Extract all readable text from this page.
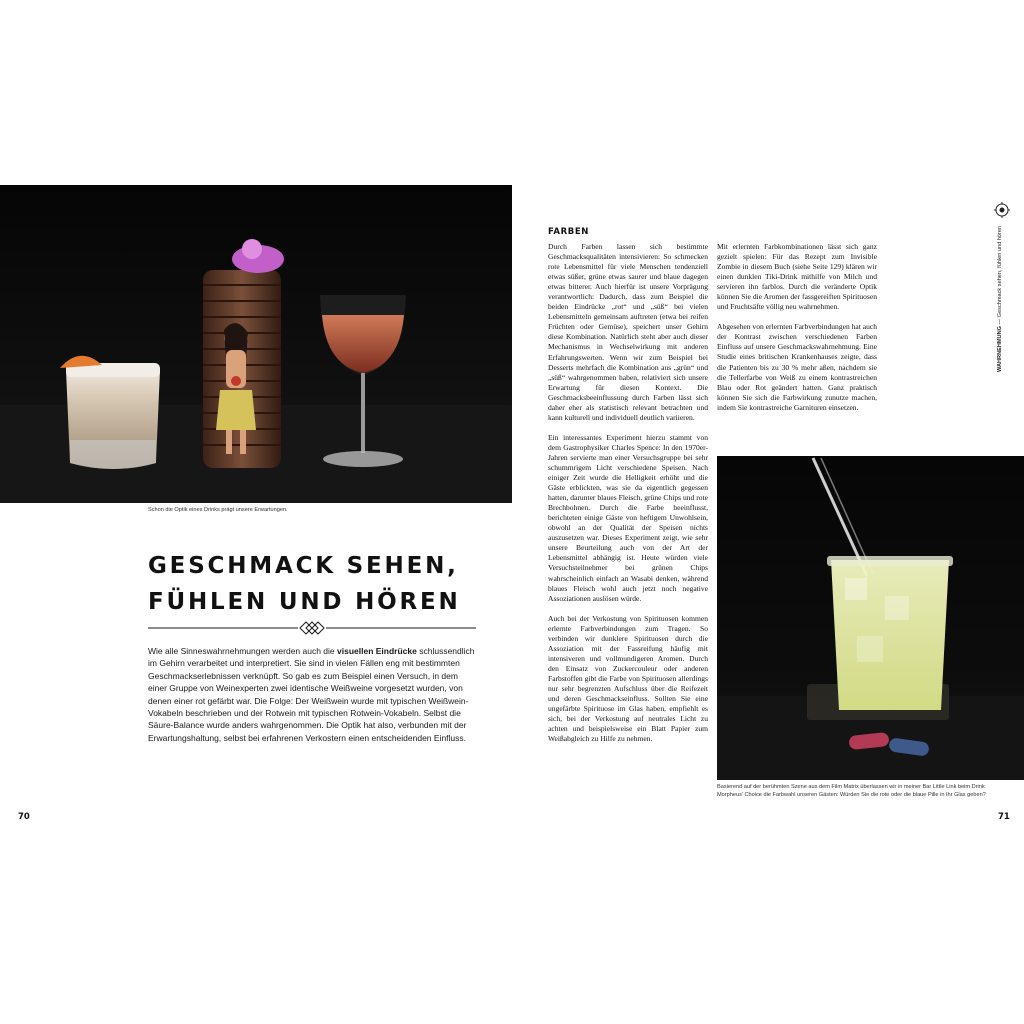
Schon die Optik eines Drinks prägt unsere Erwartungen.
GESCHMACK SEHEN,
FÜHLEN UND HÖREN
Wie alle Sinneswahrnehmungen werden auch die visuellen Eindrücke schlussendlich im Gehirn verarbeitet und interpretiert. Sie sind in vielen Fällen eng mit bestimmten Geschmackserlebnissen verknüpft. So gab es zum Beispiel einen Versuch, in dem einer Gruppe von Weinexperten zwei identische Weißweine vorgesetzt wurden, von denen einer rot gefärbt war. Die Folge: Der Weißwein wurde mit typischen Weißwein-Vokabeln beschrieben und der Rotwein mit typischen Rotwein-Vokabeln. Selbst die Säure-Balance wurde anders wahrgenommen. Die Optik hat also, verbunden mit der Erwartungshaltung, selbst bei erfahrenen Verkostern einen entscheidenden Einfluss.
70
FARBEN

Durch Farben lassen sich bestimmte Geschmacksqualitäten intensivieren: So schmecken rote Lebensmittel für viele Menschen tendenziell etwas süßer, grüne etwas saurer und blaue dagegen etwas bitterer. Auch hierfür ist unsere Vorprägung verantwortlich: Dadurch, dass zum Beispiel die beiden Eindrücke „rot“ und „süß“ bei vielen Lebensmitteln gemeinsam auftreten (etwa bei reifen Früchten oder Gemüse), speichert unser Gehirn diese Kombination. Natürlich steht aber auch dieser Mechanismus in Wechselwirkung mit anderen Erfahrungswerten. Wenn wir zum Beispiel bei Desserts mehrfach die Kombination aus „grün“ und „süß“ wahrgenommen haben, relativiert sich unsere Erwartung für diesen Kontext. Die Geschmacksbeeinflussung durch Farben lässt sich daher eher als statistisch relevant betrachten und kann kulturell und individuell deutlich variieren.

Ein interessantes Experiment hierzu stammt von dem Gastrophysiker Charles Spence: In den 1970er-Jahren servierte man einer Versuchsgruppe bei sehr schummrigem Licht verschiedene Speisen. Nach einiger Zeit wurde die Helligkeit erhöht und die Gäste erblickten, was sie da eigentlich gegessen hatten, darunter blaues Fleisch, grüne Chips und rote Brechbohnen. Durch die Farbe beeinflusst, berichteten einige Gäste von heftigem Unwohlsein, obwohl an der Qualität der Speisen nichts auszusetzen war. Dieses Experiment zeigt, wie sehr unsere Beurteilung auch von der Art der Lebensmittel abhängig ist. Heute würden viele Versuchsteilnehmer bei grünen Chips wahrscheinlich einfach an Wasabi denken, während blaues Fleisch wohl auch jetzt noch negative Assoziationen auslösen würde.

Auch bei der Verkostung von Spirituosen kommen erlernte Farbverbindungen zum Tragen. So verbinden wir dunklere Spirituosen durch die Assoziation mit der Fassreifung häufig mit intensiveren und vollmundigeren Aromen. Durch den Einsatz von Zuckercouleur oder anderen Farbstoffen gibt die Farbe von Spirituosen allerdings nur sehr begrenzten Aufschluss über die Reifezeit und deren Geschmackseinfluss. Sollten Sie eine ungefärbte Spirituose im Glas haben, empfiehlt es sich, bei der Verkostung auf neutrales Licht zu achten und beispielsweise ein Blatt Papier zum Weißabgleich zu Hilfe zu nehmen.

Mit erlernten Farbkombinationen lässt sich ganz gezielt spielen: Für das Rezept zum Invisible Zombie in diesem Buch (siehe Seite 129) klären wir einen dunklen Tiki-Drink mithilfe von Milch und servieren ihn farblos. Durch die veränderte Optik können Sie die Aromen der fassgereiften Spirituosen und Fruchtsäfte völlig neu wahrnehmen.

Abgesehen von erlernten Farbverbindungen hat auch der Kontrast zwischen verschiedenen Farben Einfluss auf unsere Geschmackswahrnehmung. Eine Studie eines britischen Krankenhauses zeigte, dass die Patienten bis zu 30 % mehr aßen, nachdem sie die Tellerfarbe von Weiß zu einem kontrastreichen Blau oder Rot geändert hatten. Ganz praktisch können Sie sich die Farbwirkung zunutze machen, indem Sie kontrastreiche Garnituren einsetzen.

Basierend auf der berühmten Szene aus dem Film Matrix überlassen wir in meiner Bar Little Link beim Drink Morpheus' Choice die Farbwahl unseren Gästen: Würden Sie die rote oder die blaue Pille in Ihr Glas geben?
WAHRNEHMUNG — Geschmack sehen, fühlen und hören
71
